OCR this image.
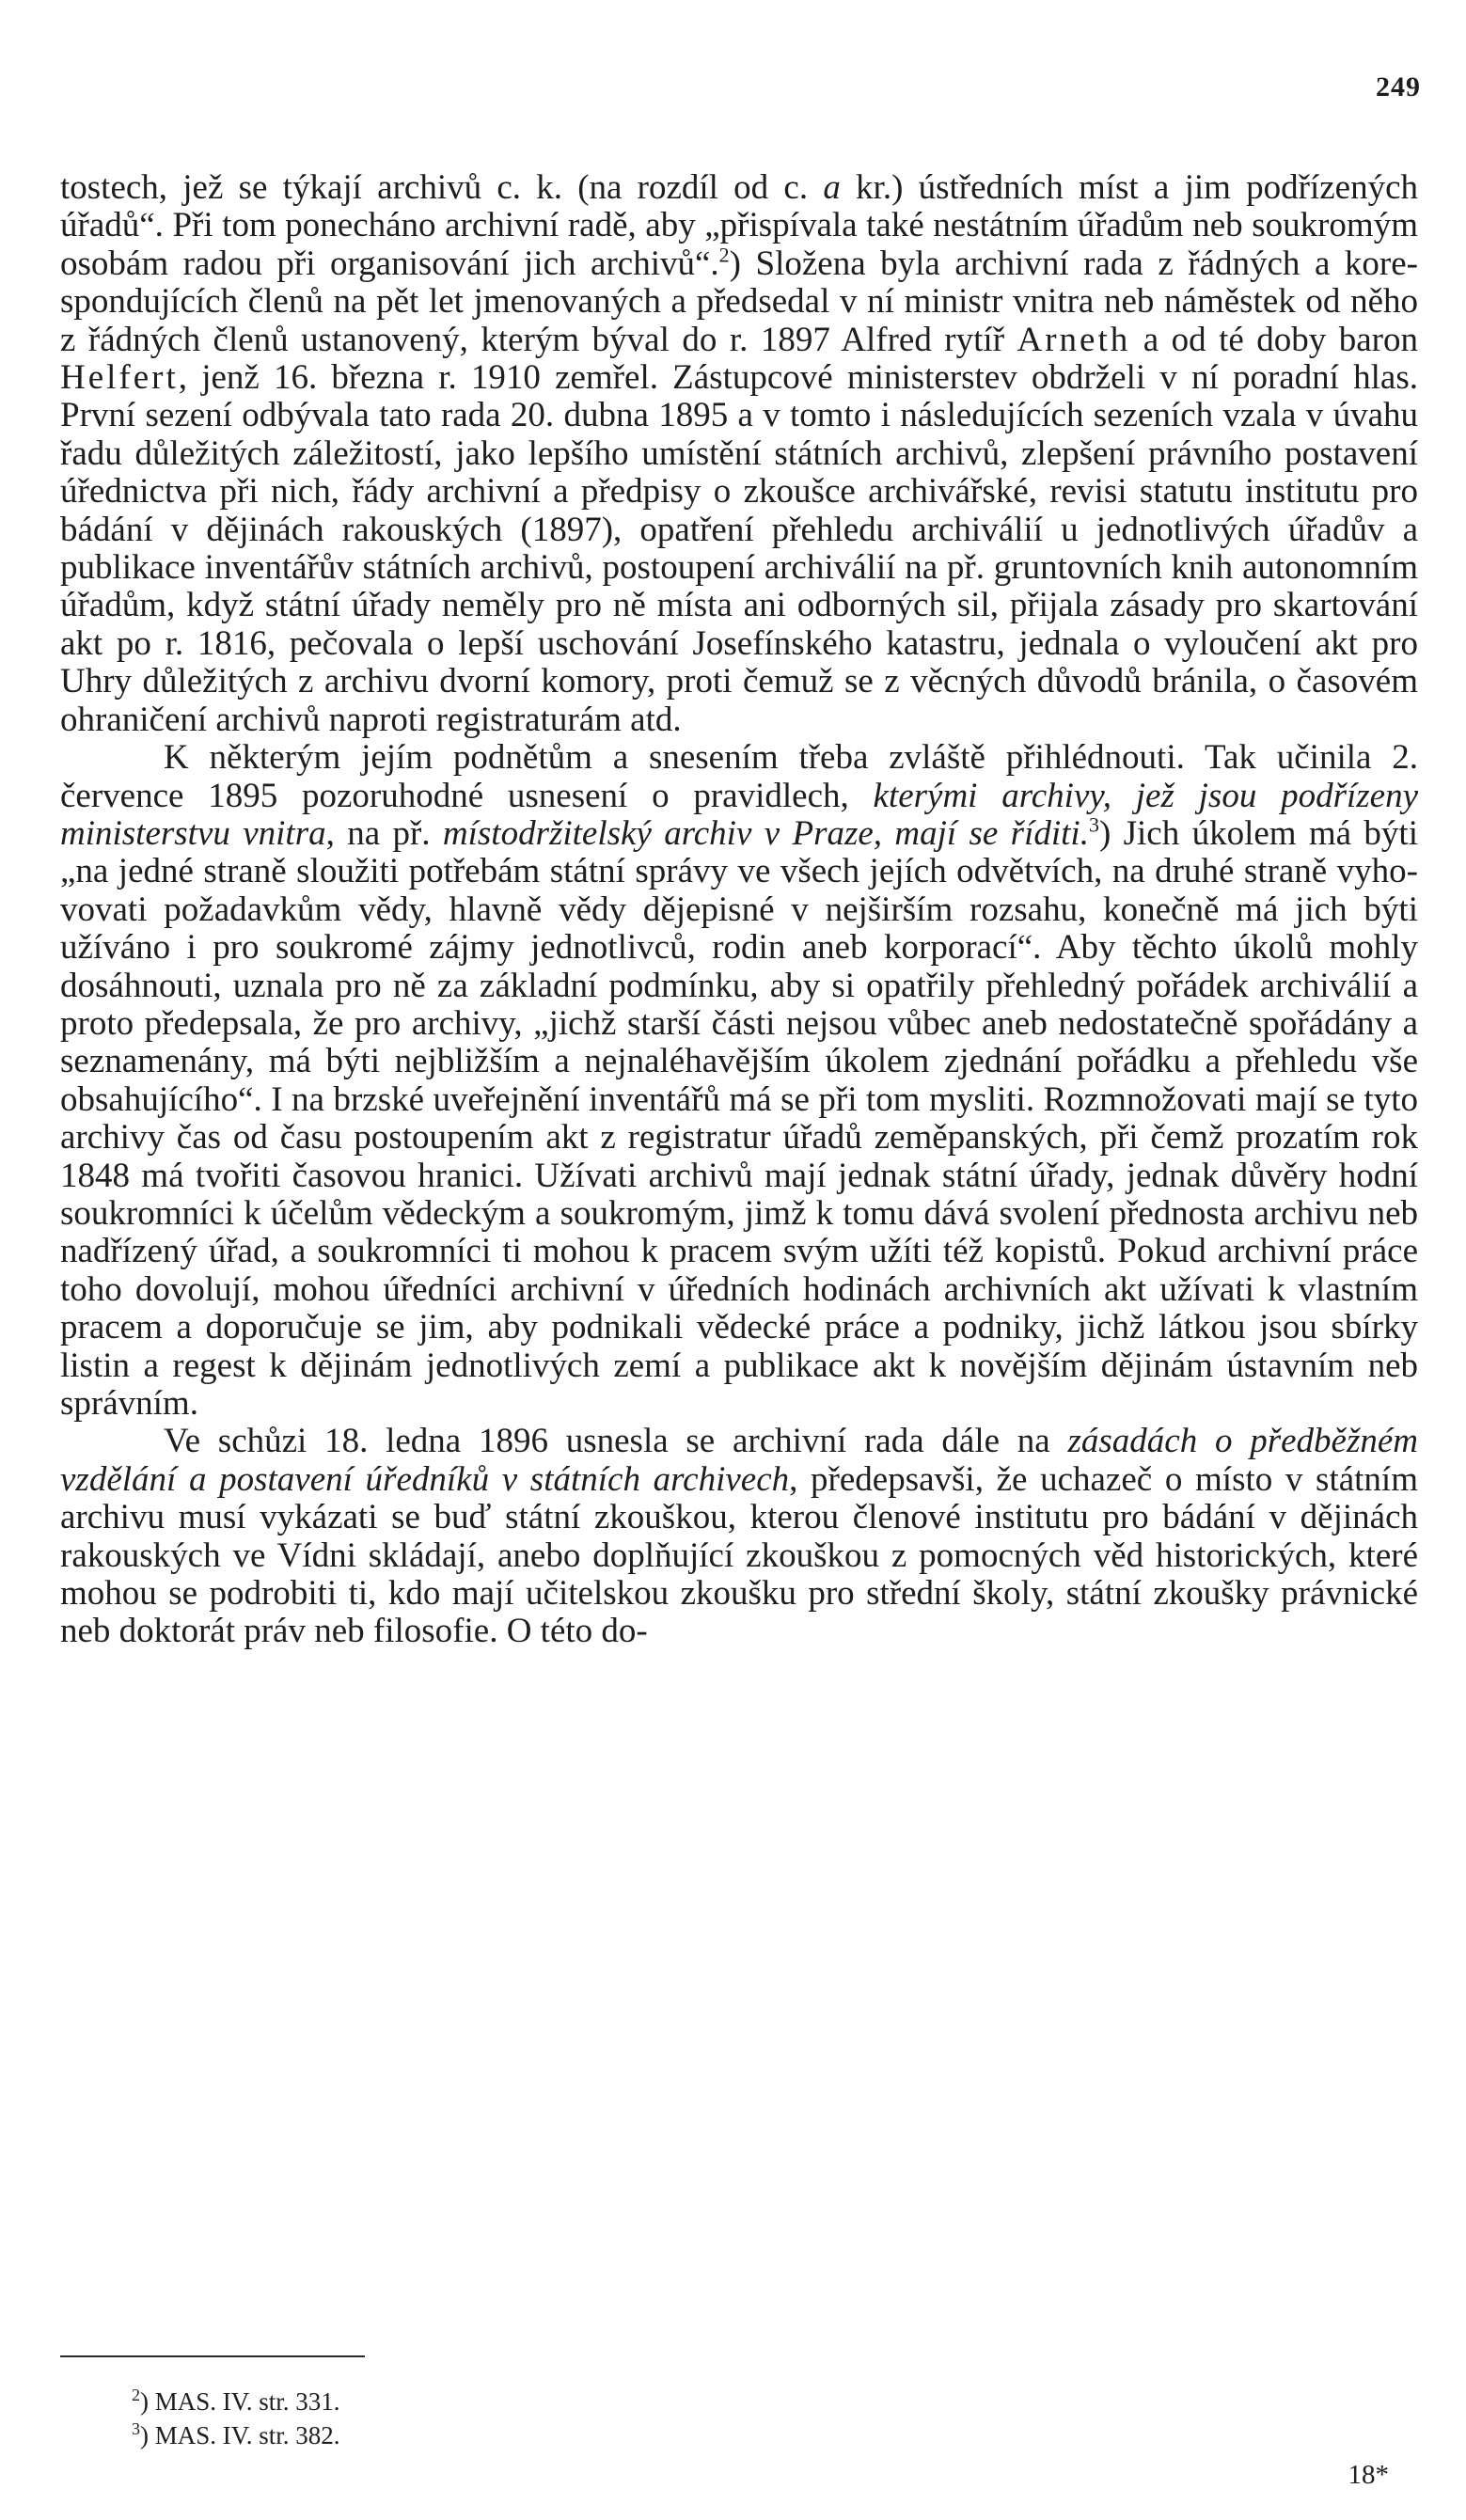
249

tostech, jež se týkají archivů c. k. (na rozdíl od c. a kr.) ústředních míst a jim podřízených úřadů“. Při tom ponecháno archivní radě, aby „přispívala také nestátním úřadům neb soukromým osobám radou při organisování jich archivů“.$^2$) Složena byla archivní rada z řádných a korespondujících členů na pět let jmenovaných a předsedal v ní ministr vnitra neb náměstek od něho z řádných členů ustanovený, kterým býval do r. 1897 Alfred rytíř Arneth a od té doby baron Helfert, jenž 16. března r. 1910 zemřel. Zástupcové ministerstev obdrželi v ní poradní hlas. První sezení odbývala tato rada 20. dubna 1895 a v tomto i následujících sezeních vzala v úvahu řadu důležitých záležitostí, jako lepšího umístění státních archivů, zlepšení právního postavení úřednictva při nich, řády archivní a předpisy o zkoušce archivářské, revisi statutu institutu pro bádání v dějinách rakouských (1897), opatření přehledu archiválií u jednotlivých úřadův a publikace inventářův státních archivů, postoupení archiválií na př. gruntovních knih autonomním úřadům, když státní úřady neměly pro ně místa ani odborných sil, přijala zásady pro skartování akt po r. 1816, pečovala o lepší uschování Josefínského katastru, jednala o vyloučení akt pro Uhry důležitých z archivu dvorní komory, proti čemuž se z věcných důvodů bránila, o časovém ohraničení archivů naproti registraturám atd.

K některým jejím podnětům a snesením třeba zvláště přihlédnouti. Tak učinila 2. července 1895 pozoruhodné usnesení o pravidlech, kterými archivy, jež jsou podřízeny ministerstvu vnitra, na př. místodržitelský archiv v Praze, mají se říditi.$^3$) Jich úkolem má býti „na jedné straně sloužiti potřebám státní správy ve všech jejích odvětvích, na druhé straně vyhovovati požadavkům vědy, hlavně vědy dějepisné v nejširším rozsahu, konečně má jich býti užíváno i pro soukromé zájmy jednotlivců, rodin aneb korporací“. Aby těchto úkolů mohly dosáhnouti, uznala pro ně za základní podmínku, aby si opatřily přehledný pořádek archiválií a proto předepsala, že pro archivy, „jichž starší části nejsou vůbec aneb nedostatečně spořádány a seznamenány, má býti nejbližším a nejnaléhavějším úkolem zjednání pořádku a přehledu vše obsahujícího“. I na brzské uveřejnění inventářů má se při tom mysliti. Rozmnožovati mají se tyto archivy čas od času postoupením akt z registratur úřadů zeměpanských, při čemž prozatím rok 1848 má tvořiti časovou hranici. Užívati archivů mají jednak státní úřady, jednak důvěry hodní soukromníci k účelům vědeckým a soukromým, jimž k tomu dává svolení přednosta archivu neb nadřízený úřad, a soukromníci ti mohou k pracem svým užíti též kopistů. Pokud archivní práce toho dovolují, mohou úředníci archivní v úředních hodinách archivních akt užívati k vlastním pracem a doporučuje se jim, aby podnikali vědecké práce a podniky, jichž látkou jsou sbírky listin a regest k dějinám jednotlivých zemí a publikace akt k novějším dějinám ústavním neb správním.

Ve schůzi 18. ledna 1896 usnesla se archivní rada dále na zásadách o předběžném vzdělání a postavení úředníků v státních archivech, předepsavši, že uchazeč o místo v státním archivu musí vykázati se buď státní zkouškou, kterou členové institutu pro bádání v dějinách rakouských ve Vídni skládají, anebo doplňující zkouškou z pomocných věd historických, které mohou se podrobiti ti, kdo mají učitelskou zkoušku pro střední školy, státní zkoušky právnické neb doktorát práv neb filosofie. O této do-

$^2$) MAS. IV. str. 331.
$^3$) MAS. IV. str. 382.
18*
